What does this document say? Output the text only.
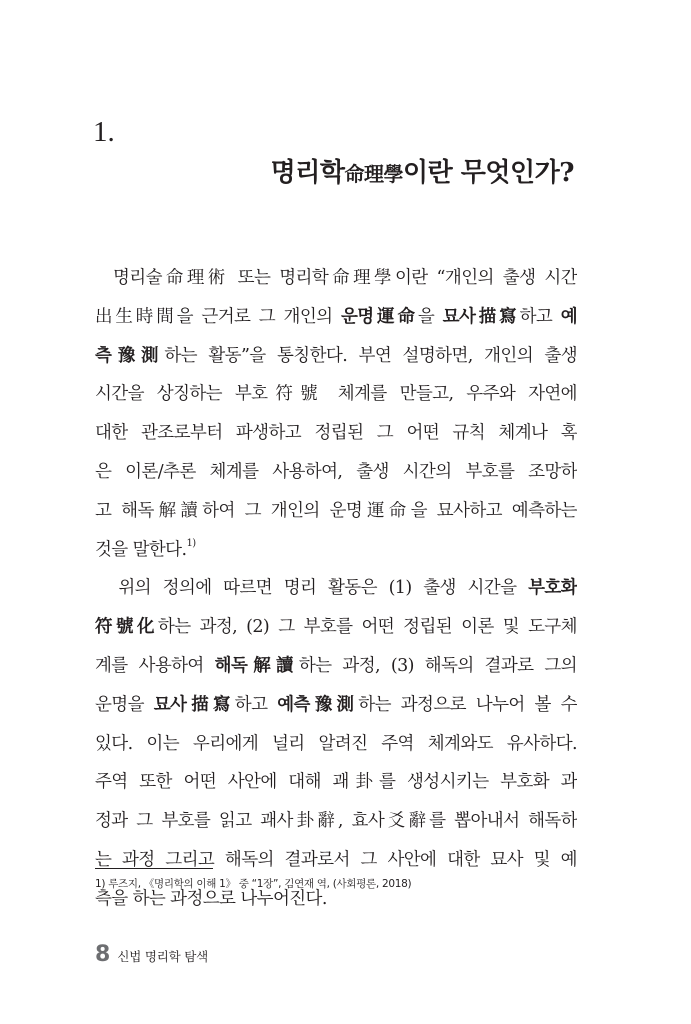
1.
명리학命理學이란 무엇인가?
명리술命理術 또는 명리학命理學이란 “개인의 출생 시간
出生時間을 근거로 그 개인의 운명運命을 묘사描寫하고 예
측豫測하는 활동”을 통칭한다. 부연 설명하면, 개인의 출생
시간을 상징하는 부호符號 체계를 만들고, 우주와 자연에
대한 관조로부터 파생하고 정립된 그 어떤 규칙 체계나 혹
은 이론/추론 체계를 사용하여, 출생 시간의 부호를 조망하
고 해독解讀하여 그 개인의 운명運命을 묘사하고 예측하는
것을 말한다.$^{1)}$
위의 정의에 따르면 명리 활동은 (1) 출생 시간을 부호화
符號化하는 과정, (2) 그 부호를 어떤 정립된 이론 및 도구체
계를 사용하여 해독解讀하는 과정, (3) 해독의 결과로 그의
운명을 묘사描寫하고 예측豫測하는 과정으로 나누어 볼 수
있다. 이는 우리에게 널리 알려진 주역 체계와도 유사하다.
주역 또한 어떤 사안에 대해 괘卦를 생성시키는 부호화 과
정과 그 부호를 읽고 괘사卦辭, 효사爻辭를 뽑아내서 해독하
는 과정 그리고 해독의 결과로서 그 사안에 대한 묘사 및 예
측을 하는 과정으로 나누어진다.
1) 루즈지, 《명리학의 이해 1》 중 “1장”, 김연재 역, (사회평론, 2018)
8 신법 명리학 탐색
